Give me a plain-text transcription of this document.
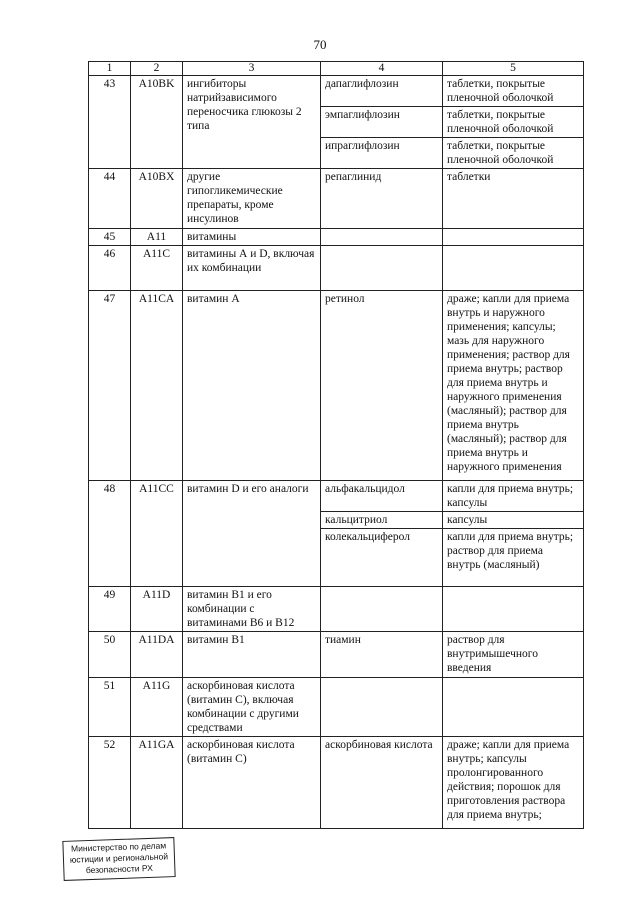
70
1	2	3	4	5
43	A10BK	ингибиторы натрийзависимого переносчика глюкозы 2 типа	дапаглифлозин	таблетки, покрытые пленочной оболочкой
			эмпаглифлозин	таблетки, покрытые пленочной оболочкой
			ипраглифлозин	таблетки, покрытые пленочной оболочкой
44	A10BX	другие гипогликемические препараты, кроме инсулинов	репаглинид	таблетки
45	A11	витамины		
46	A11C	витамины А и D, включая их комбинации		
47	A11CA	витамин А	ретинол	драже; капли для приема внутрь и наружного применения; капсулы; мазь для наружного применения; раствор для приема внутрь; раствор для приема внутрь и наружного применения (масляный); раствор для приема внутрь (масляный); раствор для приема внутрь и наружного применения
48	A11CC	витамин D и его аналоги	альфакальцидол	капли для приема внутрь; капсулы
			кальцитриол	капсулы
			колекальциферол	капли для приема внутрь; раствор для приема внутрь (масляный)
49	A11D	витамин B1 и его комбинации с витаминами B6 и B12		
50	A11DA	витамин B1	тиамин	раствор для внутримышечного введения
51	A11G	аскорбиновая кислота (витамин С), включая комбинации с другими средствами		
52	A11GA	аскорбиновая кислота (витамин С)	аскорбиновая кислота	драже; капли для приема внутрь; капсулы пролонгированного действия; порошок для приготовления раствора для приема внутрь;
Министерство по делам
юстиции и региональной
безопасности РХ
